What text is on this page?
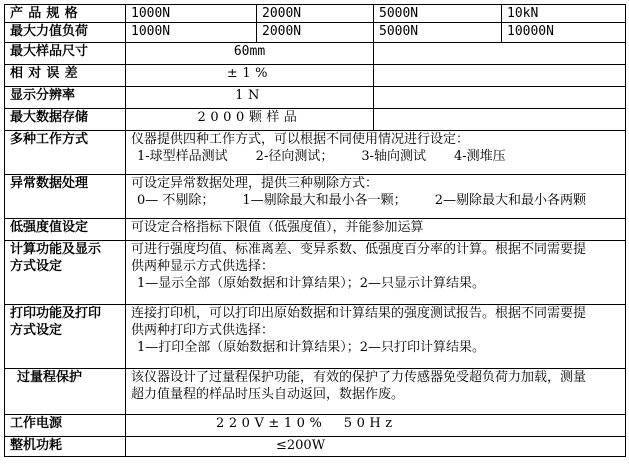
产品规格	1000N	2000N	5000N	10kN
最大力值负荷	1000N	2000N	5000N	10000N
最大样品尺寸	60mm			
相对误差	±1%			
显示分辨率	1N			
最大数据存储	2000颗样品			
多种工作方式	仪器提供四种工作方式，可以根据不同使用情况进行设定：
1-球型样品测试 2-径向测试； 3-轴向测试 4-测堆压			

异常数据处理	可设定异常数据处理，提供三种剔除方式：
0— 不剔除； 1—剔除最大和最小各一颗； 2—剔除最大和最小各两颗			

低强度值设定	可设定合格指标下限值（低强度值），并能参加运算			

计算功能及显示
方式设定	可进行强度均值、标准离差、变异系数、低强度百分率的计算。根据不同需要提
供两种显示方式供选择：
1—显示全部（原始数据和计算结果）；2—只显示计算结果。			

打印功能及打印
方式设定	连接打印机，可以打印出原始数据和计算结果的强度测试报告。根据不同需要提
供两种打印方式供选择：
1—打印全部（原始数据和计算结果）；2—只打印计算结果。			

过量程保护	该仪器设计了过量程保护功能，有效的保护了力传感器免受超负荷力加载，测量
超力值量程的样品时压头自动返回，数据作废。			

工作电源	220V±10%  50Hz			
整机功耗	≤200W			
